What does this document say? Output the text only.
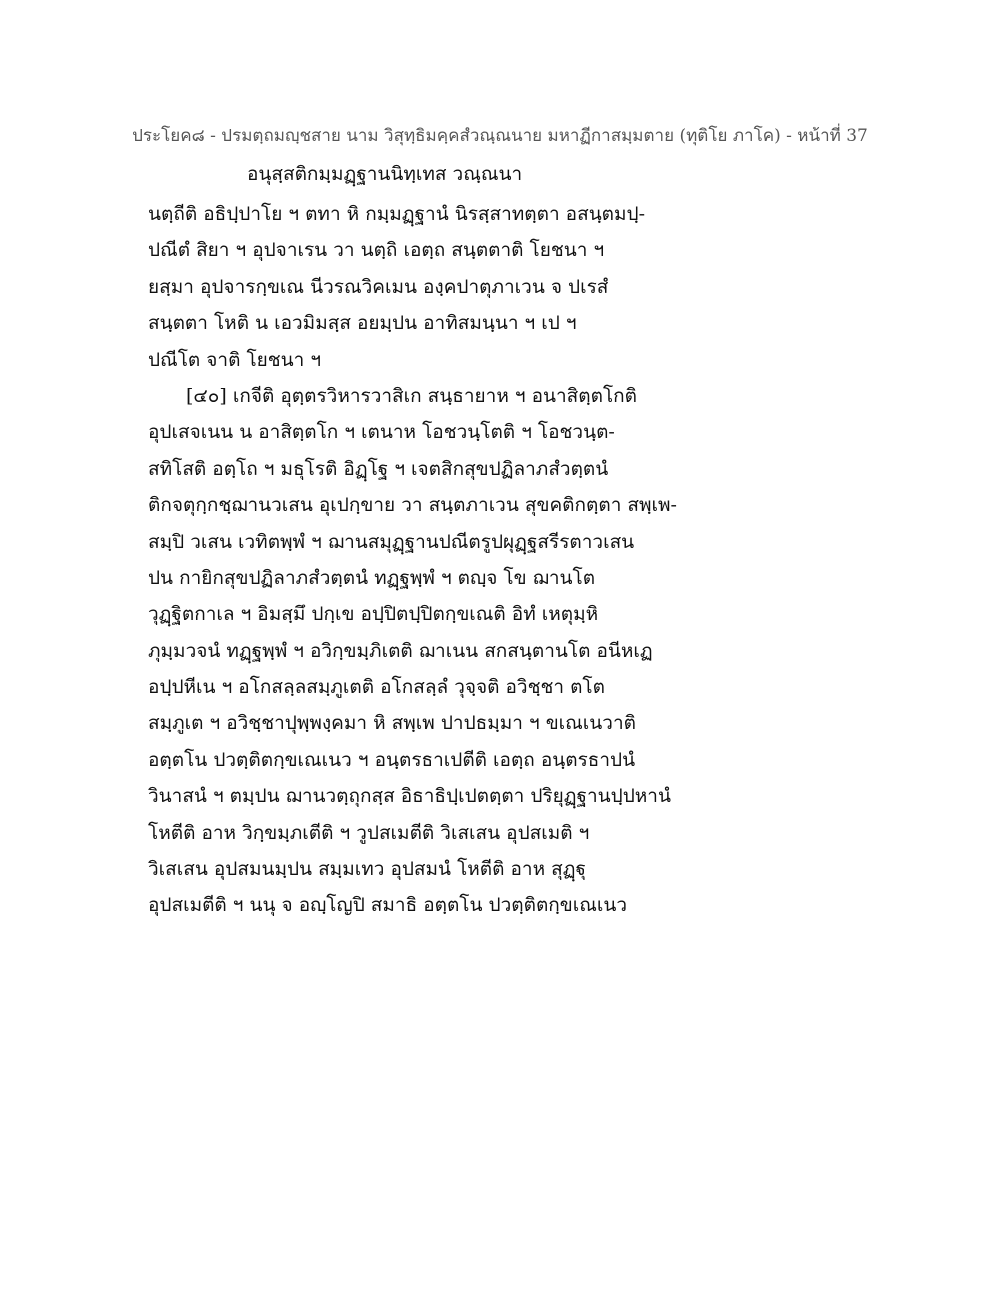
ประโยค๘ - ปรมตฺถมญฺชสาย นาม วิสุทฺธิมคฺคสํวณฺณนาย มหาฏีกาสมฺมตาย (ทุติโย ภาโค) - หน้าที่ 37
อนุสฺสติกมฺมฏฺฐานนิทฺเทส วณฺณนา
นตฺถีติ อธิปฺปาโย ฯ ตทา หิ กมฺมฏฺฐานํ นิรสฺสาทตฺตา อสนฺตมปฺ-
ปณีตํ สิยา ฯ อุปจาเรน วา นตฺถิ เอตฺถ สนฺตตาติ โยชนา ฯ
ยสฺมา อุปจารกฺขเณ นีวรณวิคเมน องฺคปาตุภาเวน จ ปเรสํ
สนฺตตา โหติ น เอวมิมสฺส อยมฺปน อาทิสมนฺนา ฯ เป ฯ
ปณีโต จาติ โยชนา ฯ
[๔๐] เกจีติ อุตฺตรวิหารวาสิเก สนฺธายาห ฯ อนาสิตฺตโกติ
อุปเสจเนน น อาสิตฺตโก ฯ เตนาห โอชวนฺโตติ ฯ โอชวนฺต-
สทิโสติ อตฺโถ ฯ มธุโรติ อิฏฺโฐ ฯ เจตสิกสุขปฏิลาภสํวตฺตนํ
ติกจตุกฺกชฺฌานวเสน อุเปกฺขาย วา สนฺตภาเวน สุขคติกตฺตา สพฺเพ-
สมฺปิ วเสน เวทิตพฺพํ ฯ ฌานสมุฏฺฐานปณีตรูปผุฏฺฐสรีรตาวเสน
ปน กายิกสุขปฏิลาภสํวตฺตนํ ทฏฺฐพฺพํ ฯ ตญฺจ โข ฌานโต
วุฏฺฐิตกาเล ฯ อิมสฺมึ ปกฺเข อปฺปิตปฺปิตกฺขเณติ อิทํ เหตุมฺหิ
ภุมฺมวจนํ ทฏฺฐพฺพํ ฯ อวิกฺขมฺภิเตติ ฌาเนน สกสนฺตานโต อนีหเฏ
อปฺปหีเน ฯ อโกสลฺลสมฺภูเตติ อโกสลฺลํ วุจฺจติ อวิชฺชา ตโต
สมฺภูเต ฯ อวิชฺชาปุพฺพงฺคมา หิ สพฺเพ ปาปธมฺมา ฯ ขเณเนวาติ
อตฺตโน ปวตฺติตกฺขเณเนว ฯ อนฺตรธาเปตีติ เอตฺถ อนฺตรธาปนํ
วินาสนํ ฯ ตมฺปน ฌานวตฺถุกสฺส อิธาธิปฺเปตตฺตา ปริยุฏฺฐานปฺปหานํ
โหตีติ อาห วิกฺขมฺภเตีติ ฯ วูปสเมตีติ วิเสเสน อุปสเมติ ฯ
วิเสเสน อุปสมนมฺปน สมฺมเทว อุปสมนํ โหตีติ อาห สุฏฺฐุ
อุปสเมตีติ ฯ นนุ จ อญฺโญปิ สมาธิ อตฺตโน ปวตฺติตกฺขเณเนว
